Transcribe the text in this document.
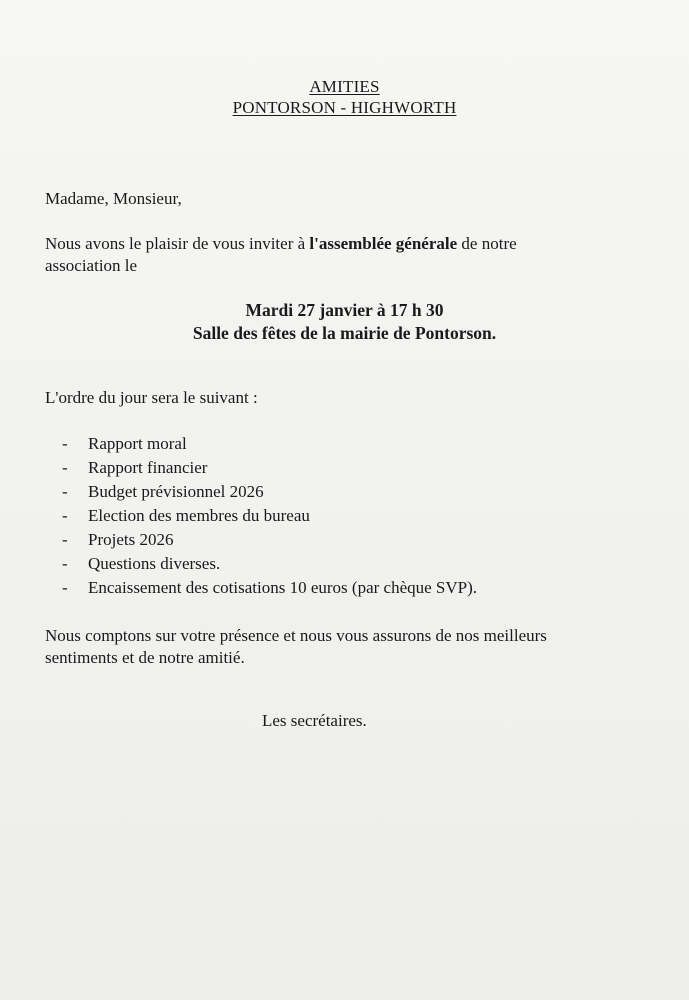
AMITIES
PONTORSON - HIGHWORTH
Madame, Monsieur,
Nous avons le plaisir de vous inviter à l'assemblée générale de notre
association le
Mardi 27 janvier à 17 h 30
Salle des fêtes de la mairie de Pontorson.
L'ordre du jour sera le suivant :
- Rapport moral
- Rapport financier
- Budget prévisionnel 2026
- Election des membres du bureau
- Projets 2026
- Questions diverses.
- Encaissement des cotisations 10 euros (par chèque SVP).
Nous comptons sur votre présence et nous vous assurons de nos meilleurs
sentiments et de notre amitié.
Les secrétaires.
